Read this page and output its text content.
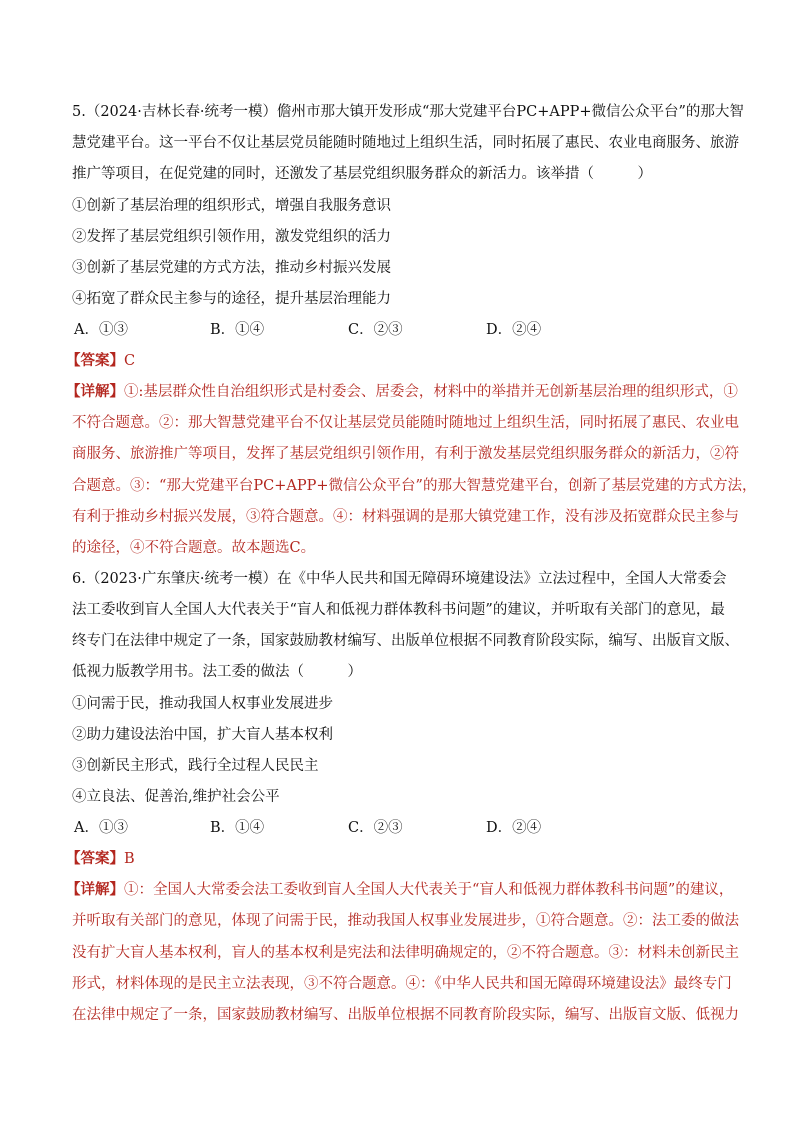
5.（2024·吉林长春·统考一模）儋州市那大镇开发形成“那大党建平台PC+APP+微信公众平台”的那大智
慧党建平台。这一平台不仅让基层党员能随时随地过上组织生活，同时拓展了惠民、农业电商服务、旅游
推广等项目，在促党建的同时，还激发了基层党组织服务群众的新活力。该举措（　　　）
①创新了基层治理的组织形式，增强自我服务意识
②发挥了基层党组织引领作用，激发党组织的活力
③创新了基层党建的方式方法，推动乡村振兴发展
④拓宽了群众民主参与的途径，提升基层治理能力
A．①③	B．①④	C．②③	D．②④
【答案】C
【详解】①:基层群众性自治组织形式是村委会、居委会，材料中的举措并无创新基层治理的组织形式，①
不符合题意。②：那大智慧党建平台不仅让基层党员能随时随地过上组织生活，同时拓展了惠民、农业电
商服务、旅游推广等项目，发挥了基层党组织引领作用，有利于激发基层党组织服务群众的新活力，②符
合题意。③：“那大党建平台PC+APP+微信公众平台”的那大智慧党建平台，创新了基层党建的方式方法，
有利于推动乡村振兴发展，③符合题意。④：材料强调的是那大镇党建工作，没有涉及拓宽群众民主参与
的途径，④不符合题意。故本题选C。
6.（2023·广东肇庆·统考一模）在《中华人民共和国无障碍环境建设法》立法过程中，全国人大常委会
法工委收到盲人全国人大代表关于“盲人和低视力群体教科书问题”的建议，并听取有关部门的意见，最
终专门在法律中规定了一条，国家鼓励教材编写、出版单位根据不同教育阶段实际，编写、出版盲文版、
低视力版教学用书。法工委的做法（　　　）
①问需于民，推动我国人权事业发展进步
②助力建设法治中国，扩大盲人基本权利
③创新民主形式，践行全过程人民民主
④立良法、促善治,维护社会公平
A．①③	B．①④	C．②③	D．②④
【答案】B
【详解】①：全国人大常委会法工委收到盲人全国人大代表关于“盲人和低视力群体教科书问题”的建议，
并听取有关部门的意见，体现了问需于民，推动我国人权事业发展进步，①符合题意。②：法工委的做法
没有扩大盲人基本权利，盲人的基本权利是宪法和法律明确规定的，②不符合题意。③：材料未创新民主
形式，材料体现的是民主立法表现，③不符合题意。④：《中华人民共和国无障碍环境建设法》最终专门
在法律中规定了一条，国家鼓励教材编写、出版单位根据不同教育阶段实际，编写、出版盲文版、低视力
